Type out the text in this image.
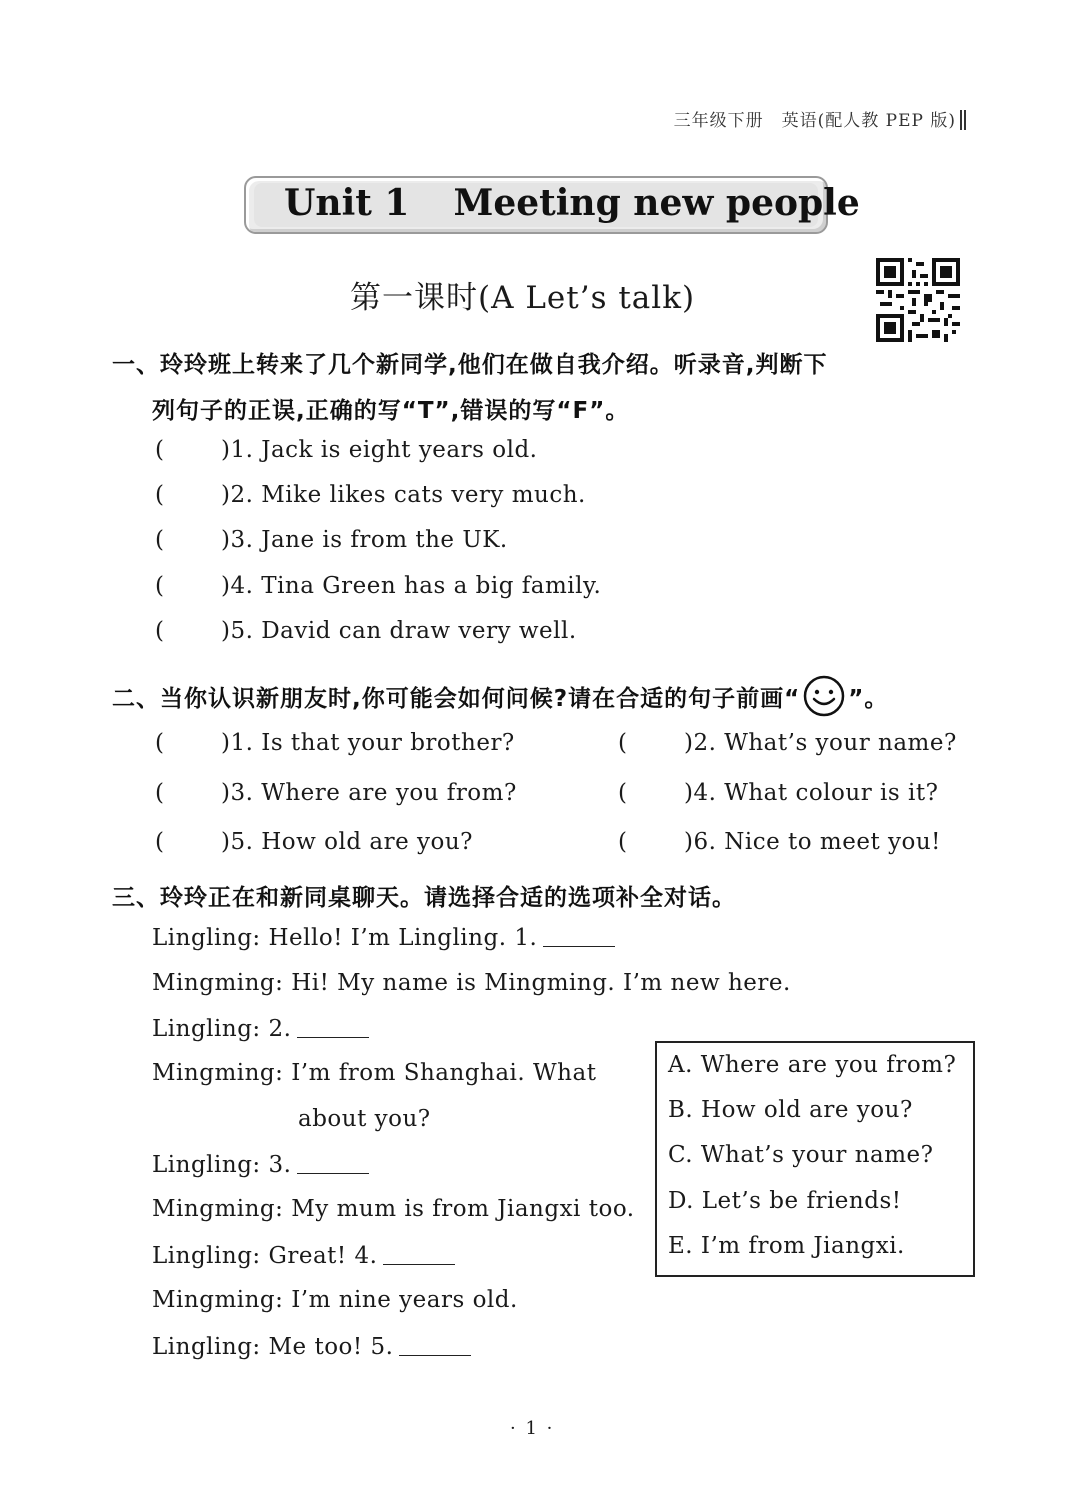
三年级下册　英语(配人教 PEP 版)
Unit 1 Meeting new people
第一课时(A Let’s talk)
一、玲玲班上转来了几个新同学,他们在做自我介绍。听录音,判断下
列句子的正误,正确的写“T”,错误的写“F”。
( )1. Jack is eight years old.
( )2. Mike likes cats very much.
( )3. Jane is from the UK.
( )4. Tina Green has a big family.
( )5. David can draw very well.
二、当你认识新朋友时,你可能会如何问候?请在合适的句子前画“ ”。
( )1. Is that your brother?	( )2. What’s your name?
( )3. Where are you from?	( )4. What colour is it?
( )5. How old are you?	( )6. Nice to meet you!
三、玲玲正在和新同桌聊天。请选择合适的选项补全对话。
Lingling: Hello! I’m Lingling. 1.
Mingming: Hi! My name is Mingming. I’m new here.
Lingling: 2.
Mingming: I’m from Shanghai. What
about you?
Lingling: 3.
Mingming: My mum is from Jiangxi too.
Lingling: Great! 4.
Mingming: I’m nine years old.
Lingling: Me too! 5.
A. Where are you from?
B. How old are you?
C. What’s your name?
D. Let’s be friends!
E. I’m from Jiangxi.
· 1 ·
